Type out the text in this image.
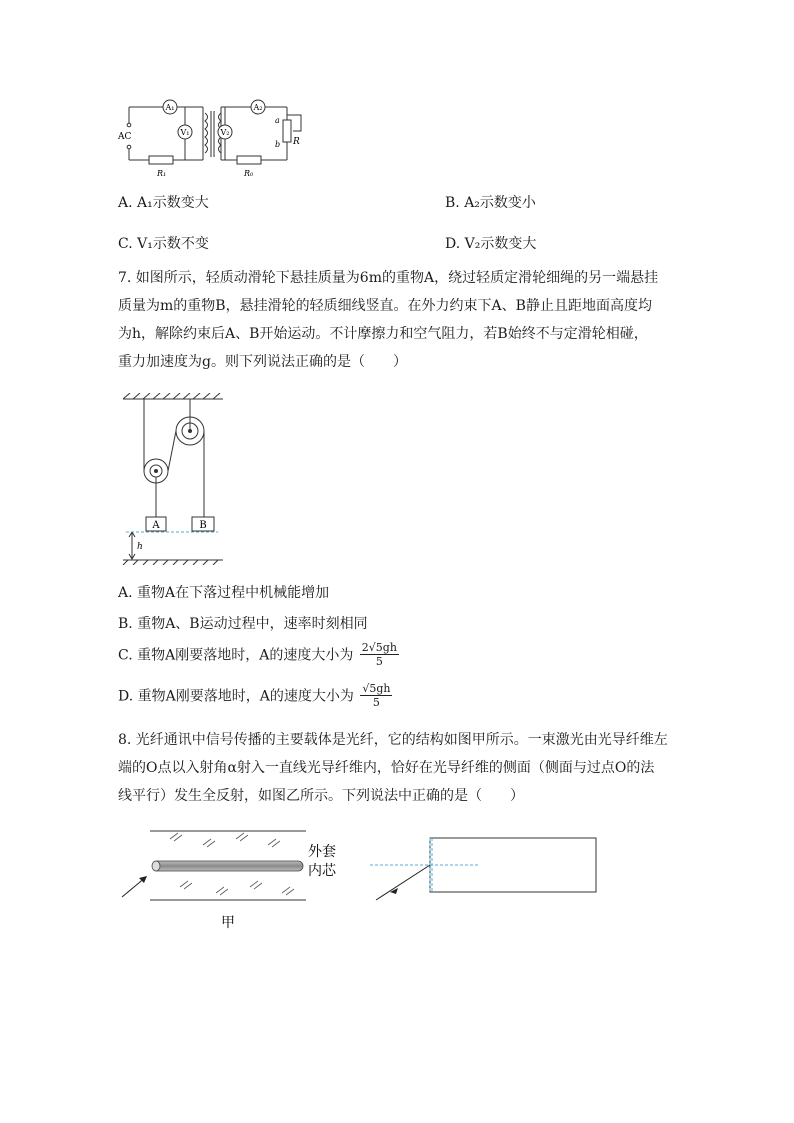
A₁
V₁
A₂
V₂
AC
R₁	R₀
R
a
b
A. A₁示数变大	B. A₂示数变小
C. V₁示数不变	D. V₂示数变大
7. 如图所示，轻质动滑轮下悬挂质量为6m的重物A，绕过轻质定滑轮细绳的另一端悬挂
质量为m的重物B，悬挂滑轮的轻质细线竖直。在外力约束下A、B静止且距地面高度均
为h，解除约束后A、B开始运动。不计摩擦力和空气阻力，若B始终不与定滑轮相碰，
重力加速度为g。则下列说法正确的是（　　）
A	B
h
A. 重物A在下落过程中机械能增加
B. 重物A、B运动过程中，速率时刻相同
C. 重物A刚要落地时，A的速度大小为 $\frac{2√5gh}{5}$
D. 重物A刚要落地时，A的速度大小为 $\frac{√5gh}{5}$
8. 光纤通讯中信号传播的主要载体是光纤，它的结构如图甲所示。一束激光由光导纤维左
端的O点以入射角α射入一直线光导纤维内，恰好在光导纤维的侧面（侧面与过点O的法
线平行）发生全反射，如图乙所示。下列说法中正确的是（　　）
外套
内芯
甲
